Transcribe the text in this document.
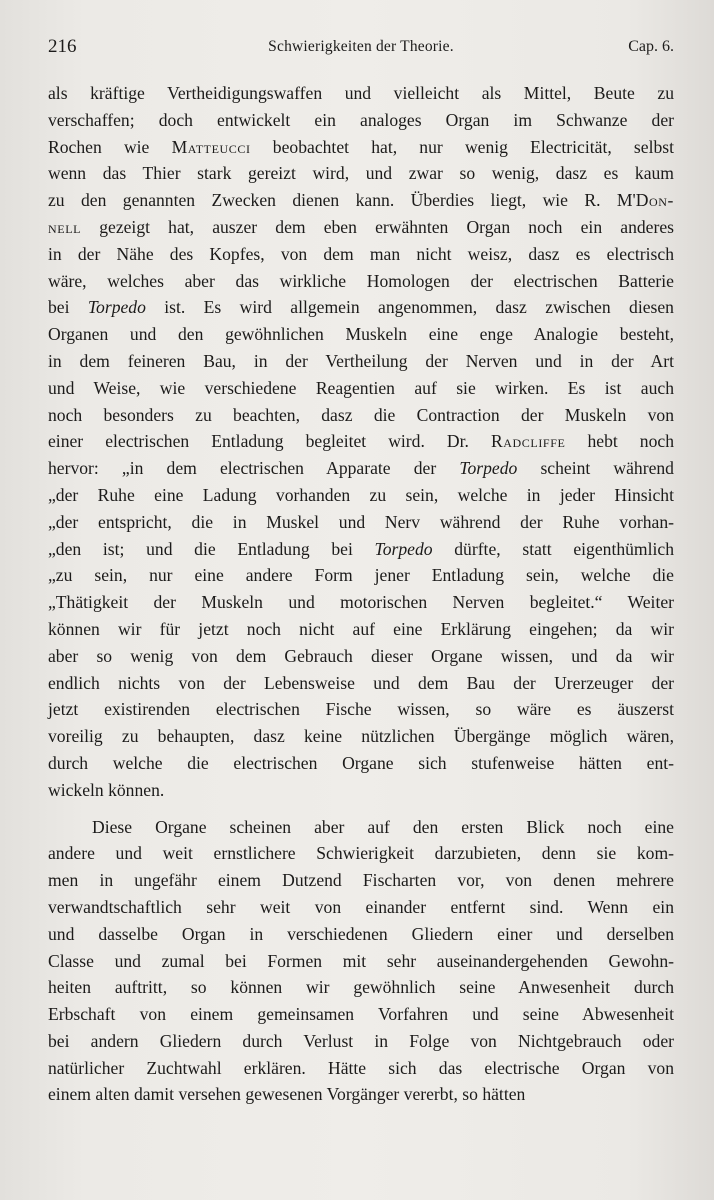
216	Schwierigkeiten der Theorie.	Cap. 6.
als kräftige Vertheidigungswaffen und vielleicht als Mittel, Beute zu
verschaffen; doch entwickelt ein analoges Organ im Schwanze der
Rochen wie Matteucci beobachtet hat, nur wenig Electricität, selbst
wenn das Thier stark gereizt wird, und zwar so wenig, dasz es kaum
zu den genannten Zwecken dienen kann. Überdies liegt, wie R. M'Don-
nell gezeigt hat, auszer dem eben erwähnten Organ noch ein anderes
in der Nähe des Kopfes, von dem man nicht weisz, dasz es electrisch
wäre, welches aber das wirkliche Homologen der electrischen Batterie
bei Torpedo ist. Es wird allgemein angenommen, dasz zwischen diesen
Organen und den gewöhnlichen Muskeln eine enge Analogie besteht,
in dem feineren Bau, in der Vertheilung der Nerven und in der Art
und Weise, wie verschiedene Reagentien auf sie wirken. Es ist auch
noch besonders zu beachten, dasz die Contraction der Muskeln von
einer electrischen Entladung begleitet wird. Dr. Radcliffe hebt noch
hervor: „in dem electrischen Apparate der Torpedo scheint während
„der Ruhe eine Ladung vorhanden zu sein, welche in jeder Hinsicht
„der entspricht, die in Muskel und Nerv während der Ruhe vorhan-
„den ist; und die Entladung bei Torpedo dürfte, statt eigenthümlich
„zu sein, nur eine andere Form jener Entladung sein, welche die
„Thätigkeit der Muskeln und motorischen Nerven begleitet.“ Weiter
können wir für jetzt noch nicht auf eine Erklärung eingehen; da wir
aber so wenig von dem Gebrauch dieser Organe wissen, und da wir
endlich nichts von der Lebensweise und dem Bau der Urerzeuger der
jetzt existirenden electrischen Fische wissen, so wäre es äuszerst
voreilig zu behaupten, dasz keine nützlichen Übergänge möglich wären,
durch welche die electrischen Organe sich stufenweise hätten ent-
wickeln können.
Diese Organe scheinen aber auf den ersten Blick noch eine
andere und weit ernstlichere Schwierigkeit darzubieten, denn sie kom-
men in ungefähr einem Dutzend Fischarten vor, von denen mehrere
verwandtschaftlich sehr weit von einander entfernt sind. Wenn ein
und dasselbe Organ in verschiedenen Gliedern einer und derselben
Classe und zumal bei Formen mit sehr auseinandergehenden Gewohn-
heiten auftritt, so können wir gewöhnlich seine Anwesenheit durch
Erbschaft von einem gemeinsamen Vorfahren und seine Abwesenheit
bei andern Gliedern durch Verlust in Folge von Nichtgebrauch oder
natürlicher Zuchtwahl erklären. Hätte sich das electrische Organ von
einem alten damit versehen gewesenen Vorgänger vererbt, so hätten
